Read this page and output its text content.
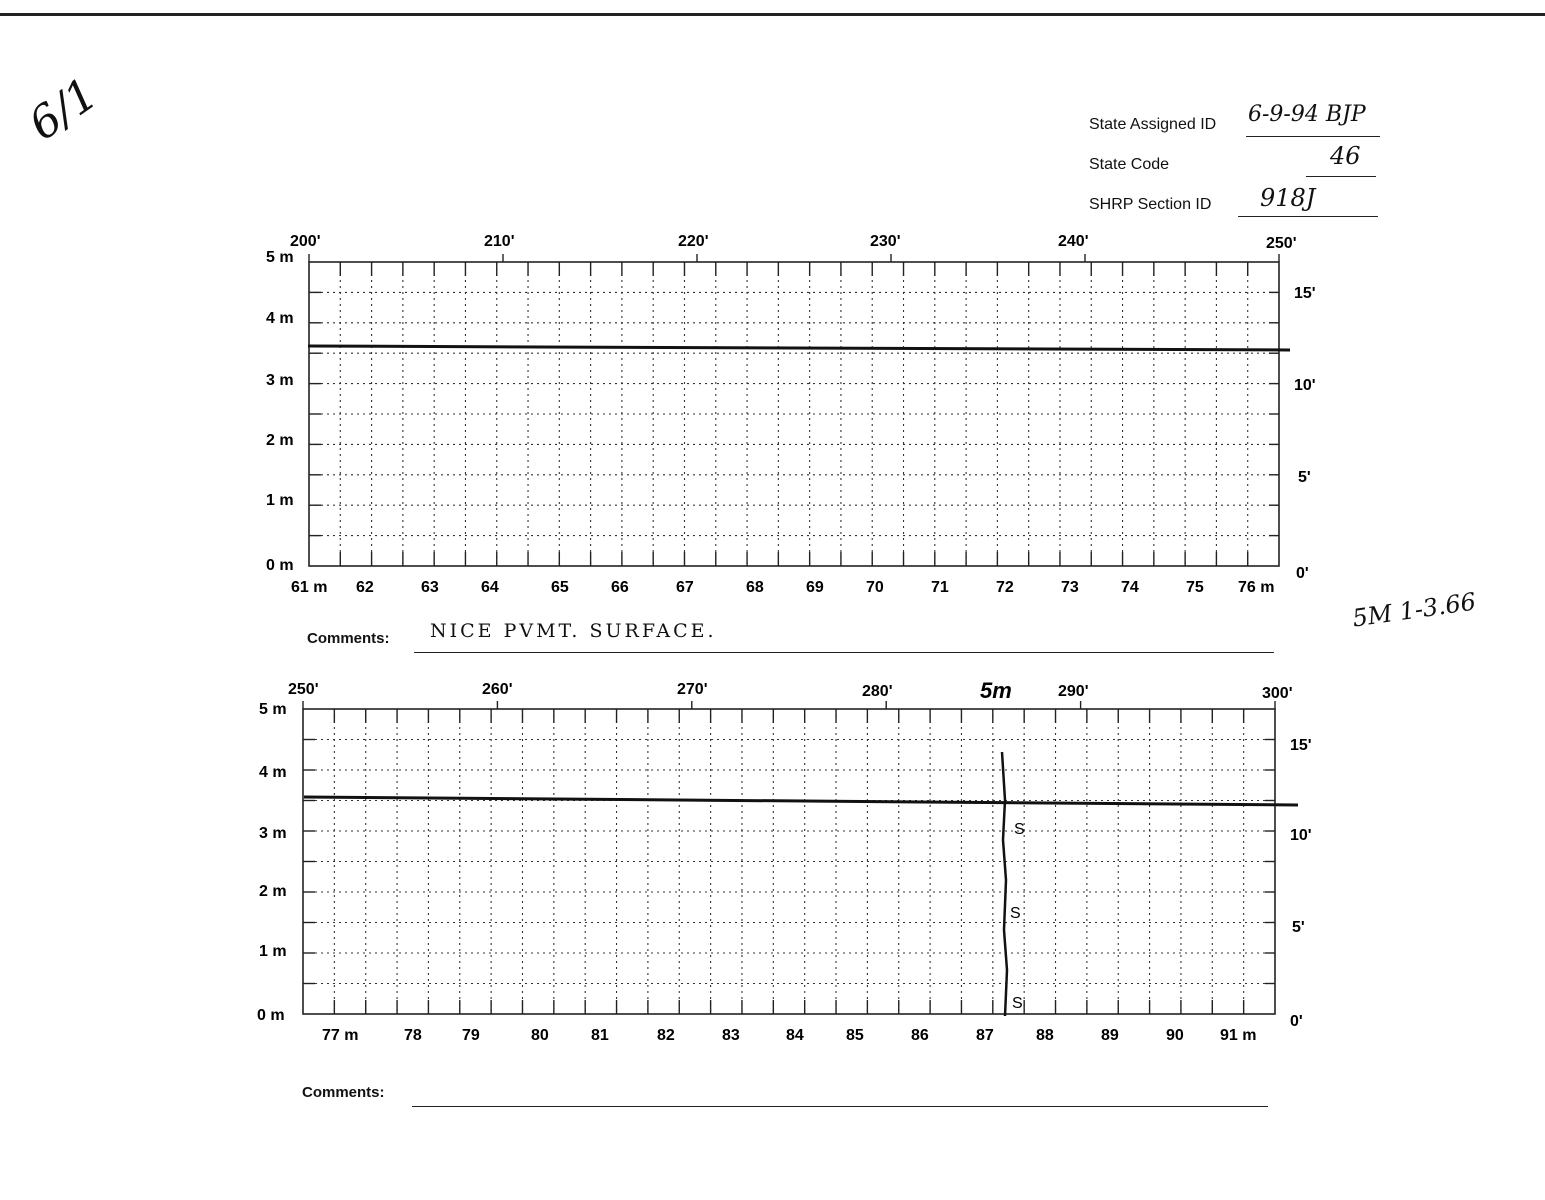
6/1	State Assigned ID 6-9-94 BJP
State Code	46
SHRP Section ID 918J
5M 1-3.66
200'	210'	220'	230'	240'	250'
5 m
4 m
3 m
2 m
1 m
0 m
15'
10'
5'
0'
61 m 62	63	64	65	66	67	68	69	70	71	72	73	74	75 76 m
Comments: NICE PVMT. SURFACE.
5m
S
S
S
250'	260'	270'	280'	290'	300'
5 m
4 m
3 m
2 m
1 m
0 m
15'
10'
5'
0'
77 m	78	79	80	81	82	83	84	85	86	87	88	89	90 91 m
Comments:
